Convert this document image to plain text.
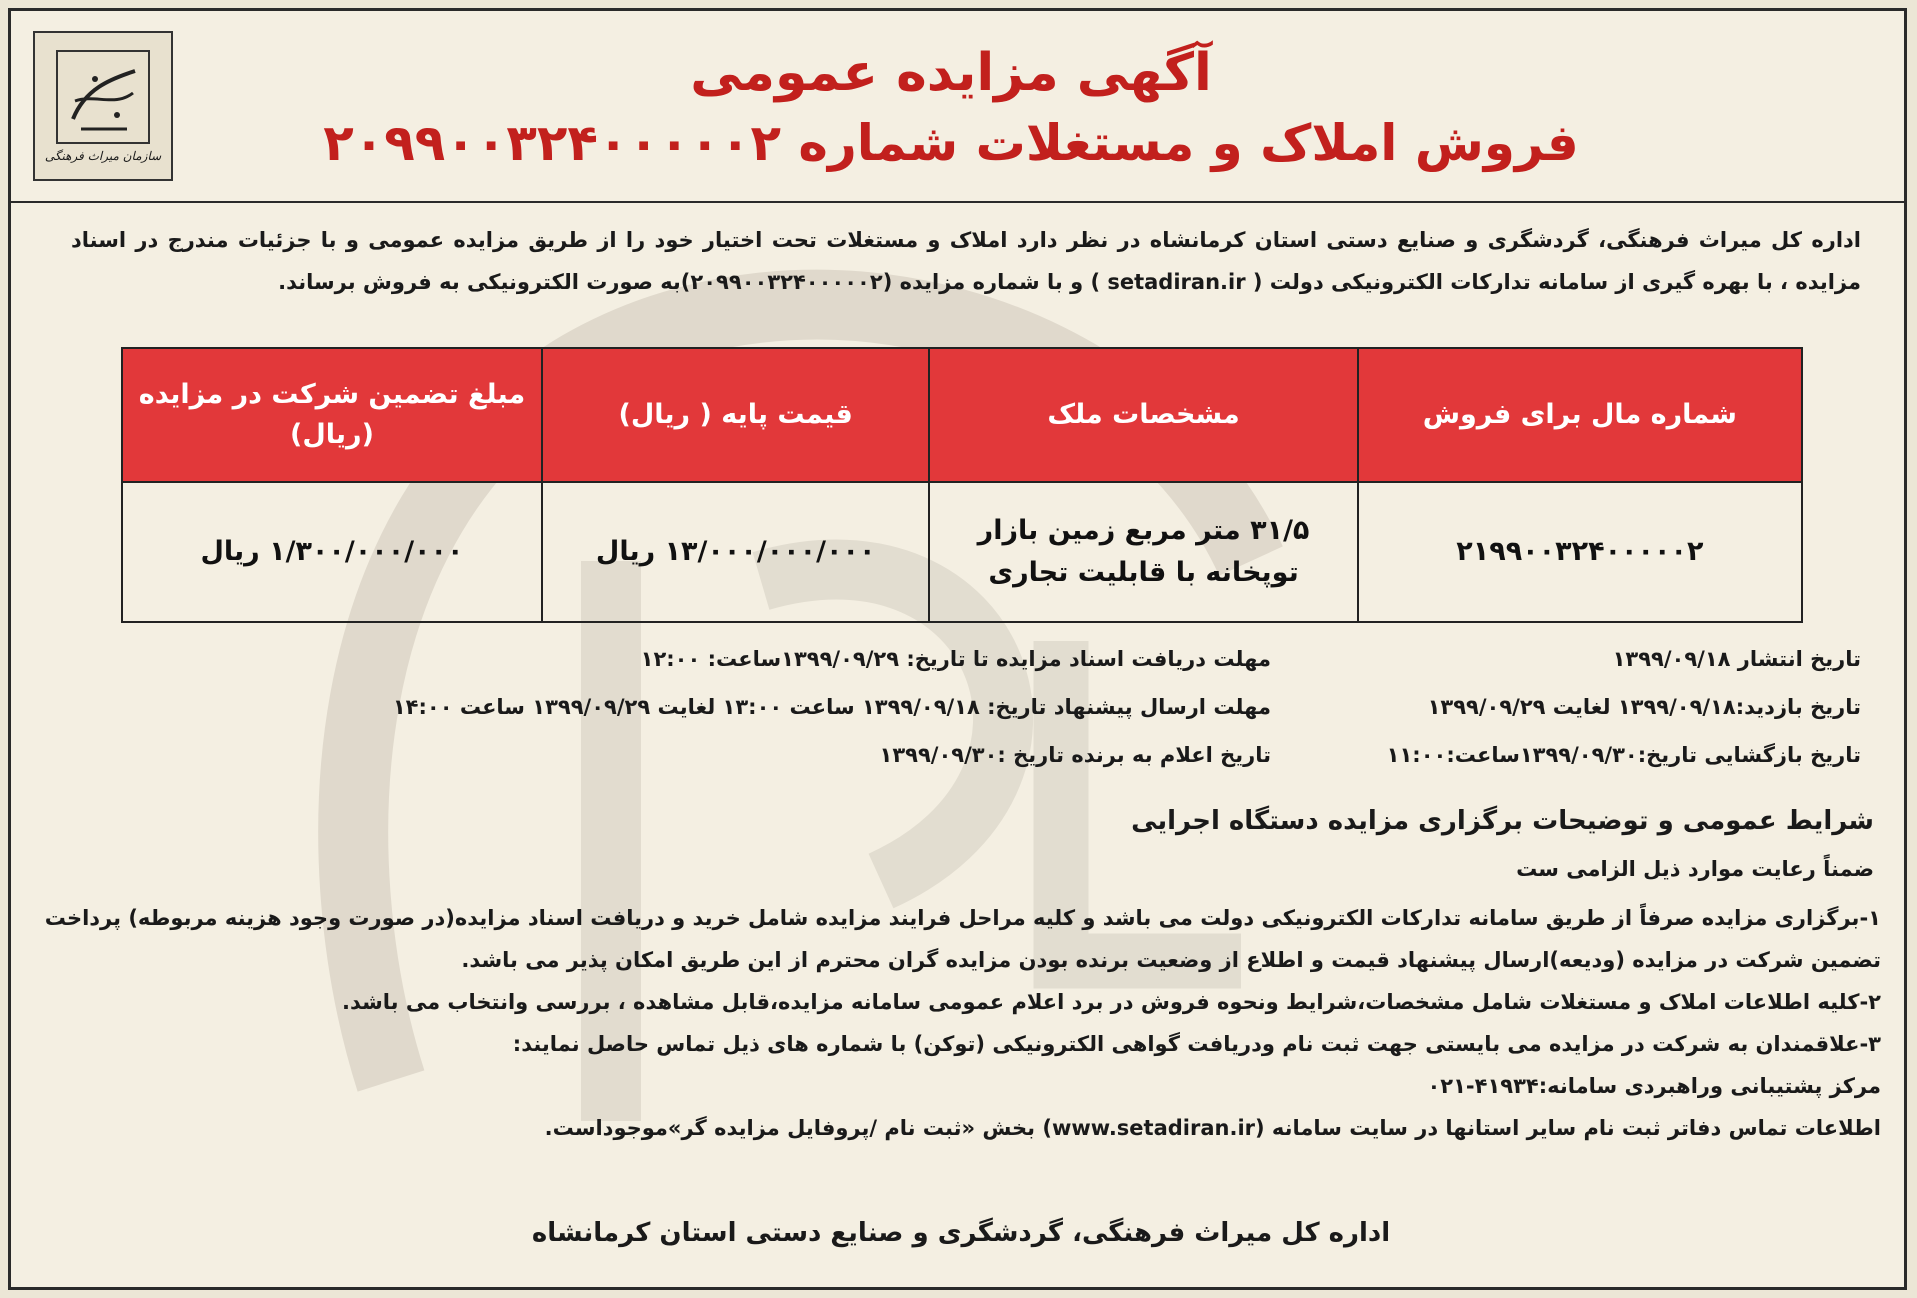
سازمان میراث فرهنگی
آگهی مزایده عمومی
فروش املاک و مستغلات شماره ۲۰۹۹۰۰۳۲۴۰۰۰۰۰۲
اداره کل میراث فرهنگی، گردشگری و صنایع دستی استان کرمانشاه در نظر دارد املاک و مستغلات تحت اختیار خود را از طریق مزایده عمومی و با جزئیات مندرج در اسناد مزایده ، با بهره گیری از سامانه تدارکات الکترونیکی دولت ( setadiran.ir ) و با شماره مزایده (۲۰۹۹۰۰۳۲۴۰۰۰۰۰۲)به صورت الکترونیکی به فروش برساند.
شماره مال برای فروش	مشخصات ملک	قیمت پایه ( ریال)	مبلغ تضمین شرکت در مزایده (ریال)
۲۱۹۹۰۰۳۲۴۰۰۰۰۰۲	۳۱/۵ متر مربع زمین بازار توپخانه با قابلیت تجاری	۱۳/۰۰۰/۰۰۰/۰۰۰ ریال	۱/۳۰۰/۰۰۰/۰۰۰ ریال
تاریخ انتشار ۱۳۹۹/۰۹/۱۸
مهلت دریافت اسناد مزایده تا تاریخ: ۱۳۹۹/۰۹/۲۹ساعت: ۱۲:۰۰
تاریخ بازدید:۱۳۹۹/۰۹/۱۸ لغایت ۱۳۹۹/۰۹/۲۹
مهلت ارسال پیشنهاد تاریخ: ۱۳۹۹/۰۹/۱۸ ساعت ۱۳:۰۰ لغایت ۱۳۹۹/۰۹/۲۹ ساعت ۱۴:۰۰
تاریخ بازگشایی تاریخ:۱۳۹۹/۰۹/۳۰ساعت:۱۱:۰۰
تاریخ اعلام به برنده تاریخ :۱۳۹۹/۰۹/۳۰
شرایط عمومی و توضیحات برگزاری مزایده دستگاه اجرایی
ضمناً رعایت موارد ذیل الزامی ست

۱-برگزاری مزایده صرفاً از طریق سامانه تدارکات الکترونیکی دولت می باشد و کلیه مراحل فرایند مزایده شامل خرید و دریافت اسناد مزایده(در صورت وجود هزینه مربوطه) پرداخت تضمین شرکت در مزایده (ودیعه)ارسال پیشنهاد قیمت و اطلاع از وضعیت برنده بودن مزایده گران محترم از این طریق امکان پذیر می باشد.

۲-کلیه اطلاعات املاک و مستغلات شامل مشخصات،شرایط ونحوه فروش در برد اعلام عمومی سامانه مزایده،قابل مشاهده ، بررسی وانتخاب می باشد.

۳-علاقمندان به شرکت در مزایده می بایستی جهت ثبت نام ودریافت گواهی الکترونیکی (توکن) با شماره های ذیل تماس حاصل نمایند:

مرکز پشتیبانی وراهبردی سامانه:۴۱۹۳۴-۰۲۱

اطلاعات تماس دفاتر ثبت نام سایر استانها در سایت سامانه (www.setadiran.ir) بخش «ثبت نام /پروفایل مزایده گر»موجوداست.

اداره کل میراث فرهنگی، گردشگری و صنایع دستی استان کرمانشاه
